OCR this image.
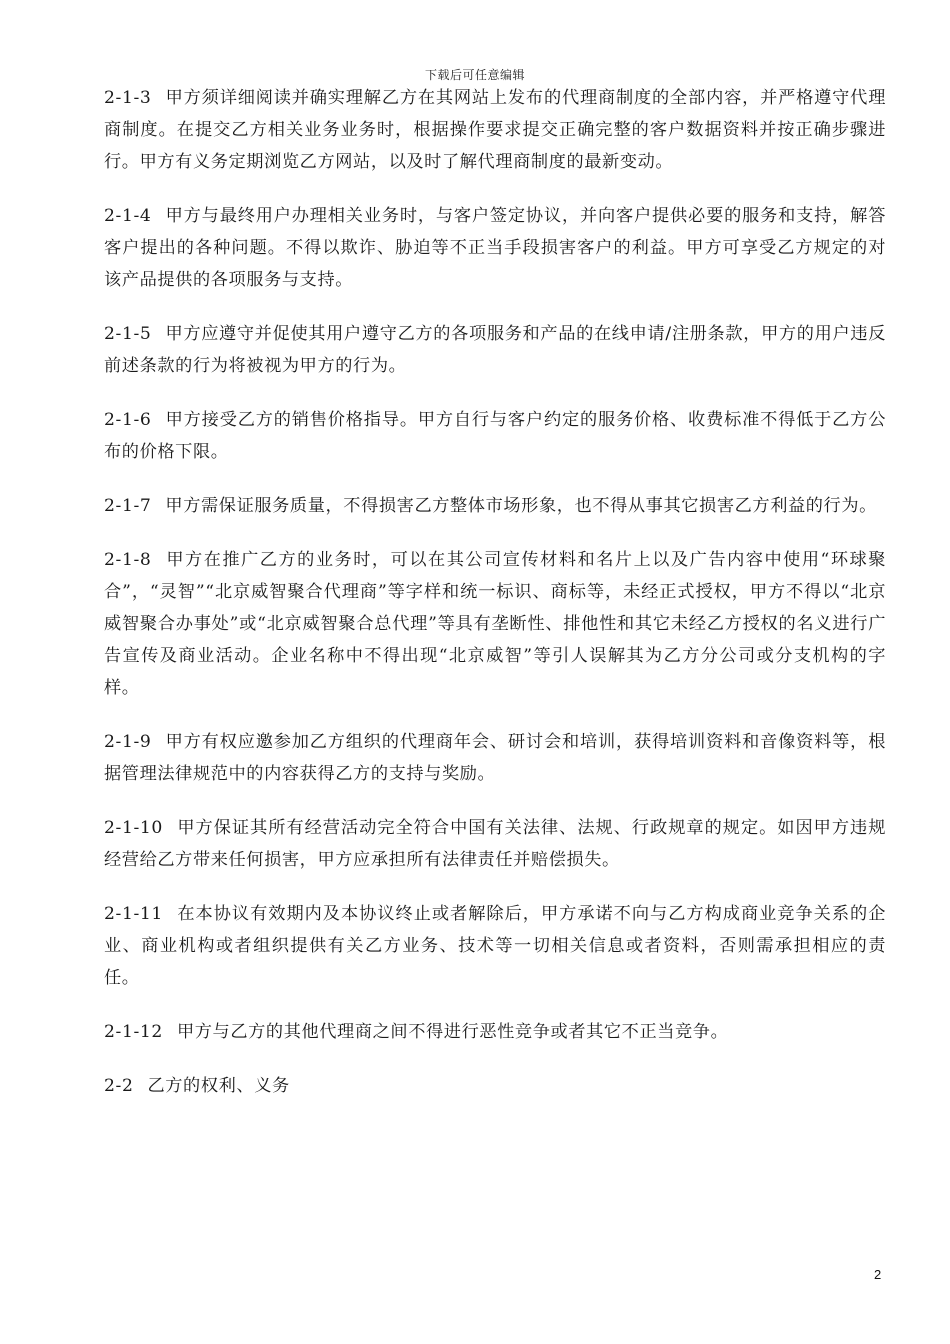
下载后可任意编辑

2-1-3 甲方须详细阅读并确实理解乙方在其网站上发布的代理商制度的全部内容，并严格遵守代理商制度。在提交乙方相关业务业务时，根据操作要求提交正确完整的客户数据资料并按正确步骤进行。甲方有义务定期浏览乙方网站，以及时了解代理商制度的最新变动。

2-1-4 甲方与最终用户办理相关业务时，与客户签定协议，并向客户提供必要的服务和支持，解答客户提出的各种问题。不得以欺诈、胁迫等不正当手段损害客户的利益。甲方可享受乙方规定的对该产品提供的各项服务与支持。

2-1-5 甲方应遵守并促使其用户遵守乙方的各项服务和产品的在线申请/注册条款，甲方的用户违反前述条款的行为将被视为甲方的行为。

2-1-6 甲方接受乙方的销售价格指导。甲方自行与客户约定的服务价格、收费标准不得低于乙方公布的价格下限。

2-1-7 甲方需保证服务质量，不得损害乙方整体市场形象，也不得从事其它损害乙方利益的行为。

2-1-8 甲方在推广乙方的业务时，可以在其公司宣传材料和名片上以及广告内容中使用“环球聚合”，“灵智”“北京威智聚合代理商”等字样和统一标识、商标等，未经正式授权，甲方不得以“北京威智聚合办事处”或“北京威智聚合总代理”等具有垄断性、排他性和其它未经乙方授权的名义进行广告宣传及商业活动。企业名称中不得出现“北京威智”等引人误解其为乙方分公司或分支机构的字样。

2-1-9 甲方有权应邀参加乙方组织的代理商年会、研讨会和培训，获得培训资料和音像资料等，根据管理法律规范中的内容获得乙方的支持与奖励。

2-1-10 甲方保证其所有经营活动完全符合中国有关法律、法规、行政规章的规定。如因甲方违规经营给乙方带来任何损害，甲方应承担所有法律责任并赔偿损失。

2-1-11 在本协议有效期内及本协议终止或者解除后，甲方承诺不向与乙方构成商业竞争关系的企业、商业机构或者组织提供有关乙方业务、技术等一切相关信息或者资料，否则需承担相应的责任。

2-1-12 甲方与乙方的其他代理商之间不得进行恶性竞争或者其它不正当竞争。

2-2 乙方的权利、义务

2
